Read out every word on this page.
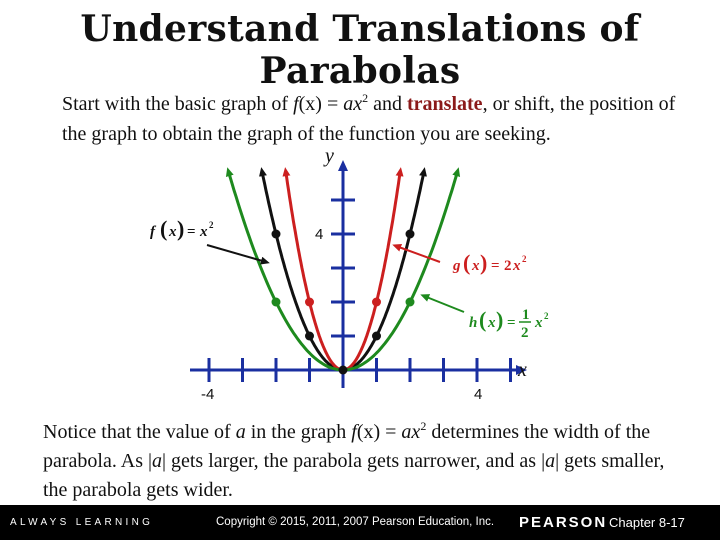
Understand Translations of Parabolas
Start with the basic graph of $f(x) = ax^2$ and translate, or shift, the position of the graph to obtain the graph of the function you are seeking.
-4	4
4
x
y
f ( x ) = x 2
g ( x ) = 2 x 2
h ( x ) = 1
2
x 2
Notice that the value of a in the graph $f(x) = ax^2$ determines the width of the parabola. As |a| gets larger, the parabola gets narrower, and as |a| gets smaller, the parabola gets wider.
ALWAYS LEARNING	Copyright © 2015, 2011, 2007 Pearson Education, Inc. PEARSON Chapter 8-17
